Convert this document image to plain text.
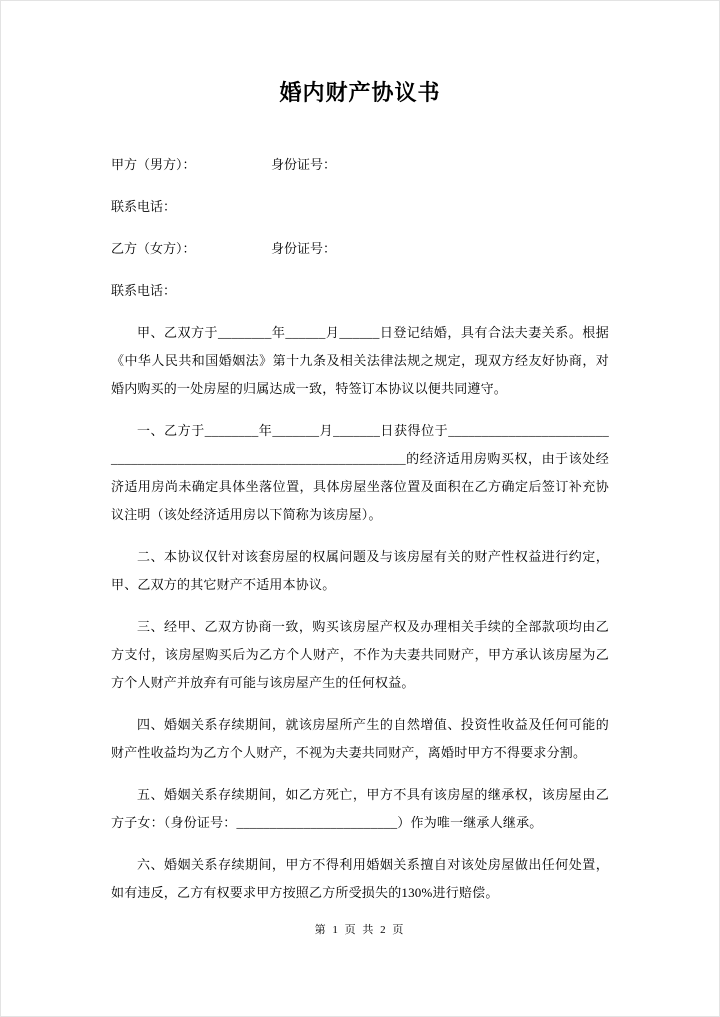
婚内财产协议书
甲方（男方）：	身份证号：
联系电话：
乙方（女方）：	身份证号：
联系电话：
甲、乙双方于________年______月______日登记结婚，具有合法夫妻关系。根据《中华人民共和国婚姻法》第十九条及相关法律法规之规定，现双方经友好协商，对婚内购买的一处房屋的归属达成一致，特签订本协议以便共同遵守。
一、乙方于________年_______月_______日获得位于____________________________________________________________________的经济适用房购买权，由于该处经济适用房尚未确定具体坐落位置，具体房屋坐落位置及面积在乙方确定后签订补充协议注明（该处经济适用房以下简称为该房屋）。
二、本协议仅针对该套房屋的权属问题及与该房屋有关的财产性权益进行约定，甲、乙双方的其它财产不适用本协议。
三、经甲、乙双方协商一致，购买该房屋产权及办理相关手续的全部款项均由乙方支付，该房屋购买后为乙方个人财产，不作为夫妻共同财产，甲方承认该房屋为乙方个人财产并放弃有可能与该房屋产生的任何权益。
四、婚姻关系存续期间，就该房屋所产生的自然增值、投资性收益及任何可能的财产性收益均为乙方个人财产，不视为夫妻共同财产，离婚时甲方不得要求分割。
五、婚姻关系存续期间，如乙方死亡，甲方不具有该房屋的继承权，该房屋由乙方子女：（身份证号：________________________）作为唯一继承人继承。
六、婚姻关系存续期间，甲方不得利用婚姻关系擅自对该处房屋做出任何处置，如有违反，乙方有权要求甲方按照乙方所受损失的130%进行赔偿。
第 1 页 共 2 页
